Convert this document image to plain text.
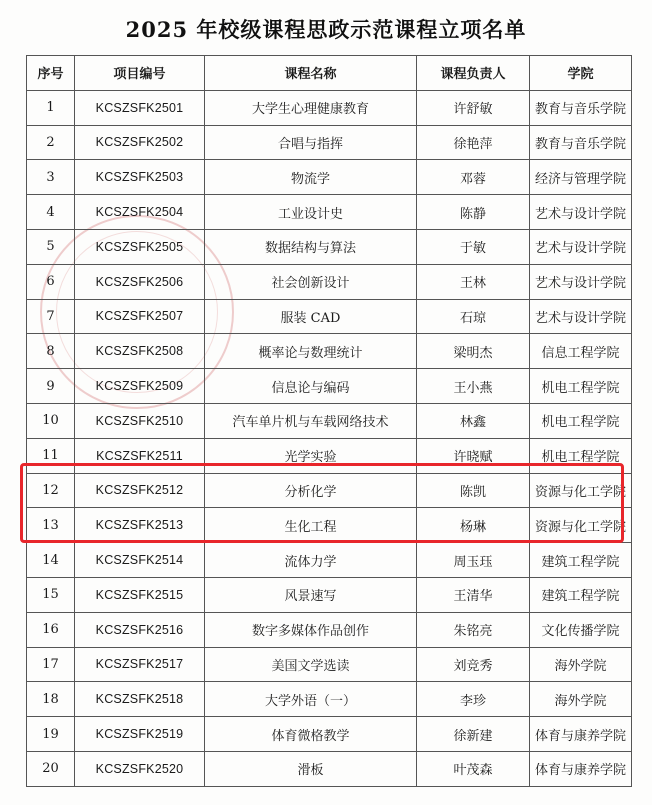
2025 年校级课程思政示范课程立项名单
序号	项目编号	课程名称	课程负责人	学院
1	KCSZSFK2501	大学生心理健康教育	许舒敏	教育与音乐学院
2	KCSZSFK2502	合唱与指挥	徐艳萍	教育与音乐学院
3	KCSZSFK2503	物流学	邓蓉	经济与管理学院
4	KCSZSFK2504	工业设计史	陈静	艺术与设计学院
5	KCSZSFK2505	数据结构与算法	于敏	艺术与设计学院
6	KCSZSFK2506	社会创新设计	王林	艺术与设计学院
7	KCSZSFK2507	服装 CAD	石琼	艺术与设计学院
8	KCSZSFK2508	概率论与数理统计	梁明杰	信息工程学院
9	KCSZSFK2509	信息论与编码	王小燕	机电工程学院
10	KCSZSFK2510	汽车单片机与车载网络技术	林鑫	机电工程学院
11	KCSZSFK2511	光学实验	许晓赋	机电工程学院
12	KCSZSFK2512	分析化学	陈凯	资源与化工学院
13	KCSZSFK2513	生化工程	杨琳	资源与化工学院
14	KCSZSFK2514	流体力学	周玉珏	建筑工程学院
15	KCSZSFK2515	风景速写	王清华	建筑工程学院
16	KCSZSFK2516	数字多媒体作品创作	朱铭亮	文化传播学院
17	KCSZSFK2517	美国文学选读	刘竞秀	海外学院
18	KCSZSFK2518	大学外语（一）	李珍	海外学院
19	KCSZSFK2519	体育微格教学	徐新建	体育与康养学院
20	KCSZSFK2520	滑板	叶茂森	体育与康养学院
